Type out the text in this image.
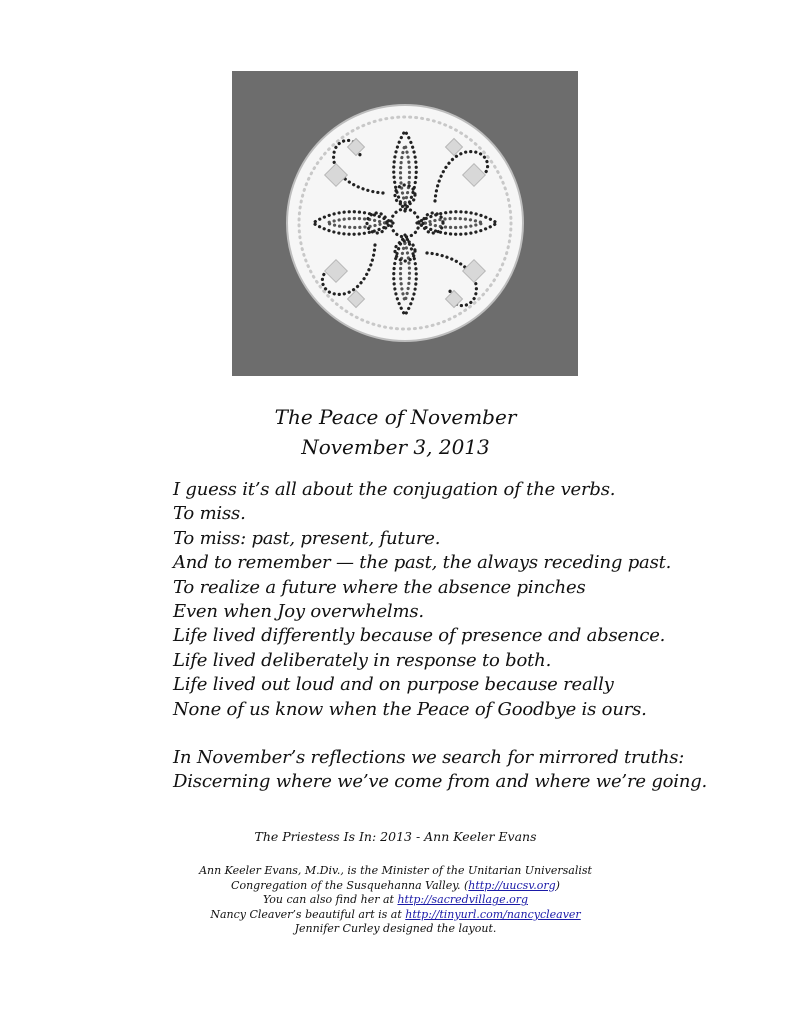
The Peace of November
November 3, 2013
I guess it’s all about the conjugation of the verbs.
To miss.
To miss: past, present, future.
And to remember — the past, the always receding past.
To realize a future where the absence pinches
Even when Joy overwhelms.
Life lived differently because of presence and absence.
Life lived deliberately in response to both.
Life lived out loud and on purpose because really
None of us know when the Peace of Goodbye is ours.
In November’s reflections we search for mirrored truths:
Discerning where we’ve come from and where we’re going.
The Priestess Is In: 2013 - Ann Keeler Evans
Ann Keeler Evans, M.Div., is the Minister of the Unitarian Universalist
Congregation of the Susquehanna Valley. (http://uucsv.org)
You can also find her at http://sacredvillage.org
Nancy Cleaver’s beautiful art is at http://tinyurl.com/nancycleaver
Jennifer Curley designed the layout.
